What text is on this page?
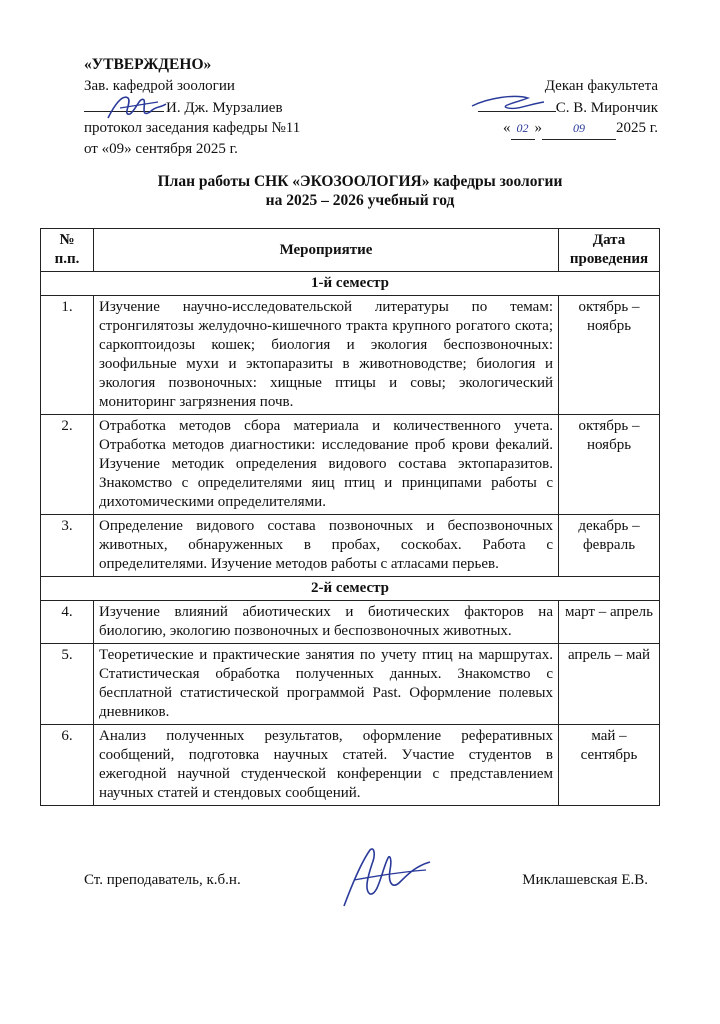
«УТВЕРЖДЕНО»
Зав. кафедрой зоологии
И. Дж. Мурзалиев
протокол заседания кафедры №11
от «09» сентября 2025 г.
Декан факультета
С. В. Мирончик
« 02 »	09 2025 г.
План работы СНК «ЭКОЗООЛОГИЯ» кафедры зоологии
на 2025 – 2026 учебный год
№ п.п.	Мероприятие	Дата проведения
1-й семестр		
1.	Изучение научно-исследовательской литературы по темам: стронгилятозы желудочно-кишечного тракта крупного рогатого скота; саркоптоидозы кошек; биология и экология беспозвоночных: зоофильные мухи и эктопаразиты в животноводстве; биология и экология позвоночных: хищные птицы и совы; экологический мониторинг загрязнения почв.	октябрь – ноябрь
2.	Отработка методов сбора материала и количественного учета. Отработка методов диагностики: исследование проб крови фекалий. Изучение методик определения видового состава эктопаразитов. Знакомство с определителями яиц птиц и принципами работы с дихотомическими определителями.	октябрь – ноябрь
3.	Определение видового состава позвоночных и беспозвоночных животных, обнаруженных в пробах, соскобах. Работа с определителями. Изучение методов работы с атласами перьев.	декабрь – февраль
2-й семестр		
4.	Изучение влияний абиотических и биотических факторов на биологию, экологию позвоночных и беспозвоночных животных.	март – апрель
5.	Теоретические и практические занятия по учету птиц на маршрутах. Статистическая обработка полученных данных. Знакомство с бесплатной статистической программой Past. Оформление полевых дневников.	апрель – май
6.	Анализ полученных результатов, оформление реферативных сообщений, подготовка научных статей. Участие студентов в ежегодной научной студенческой конференции с представлением научных статей и стендовых сообщений.	май – сентябрь
Ст. преподаватель, к.б.н.	Миклашевская Е.В.
